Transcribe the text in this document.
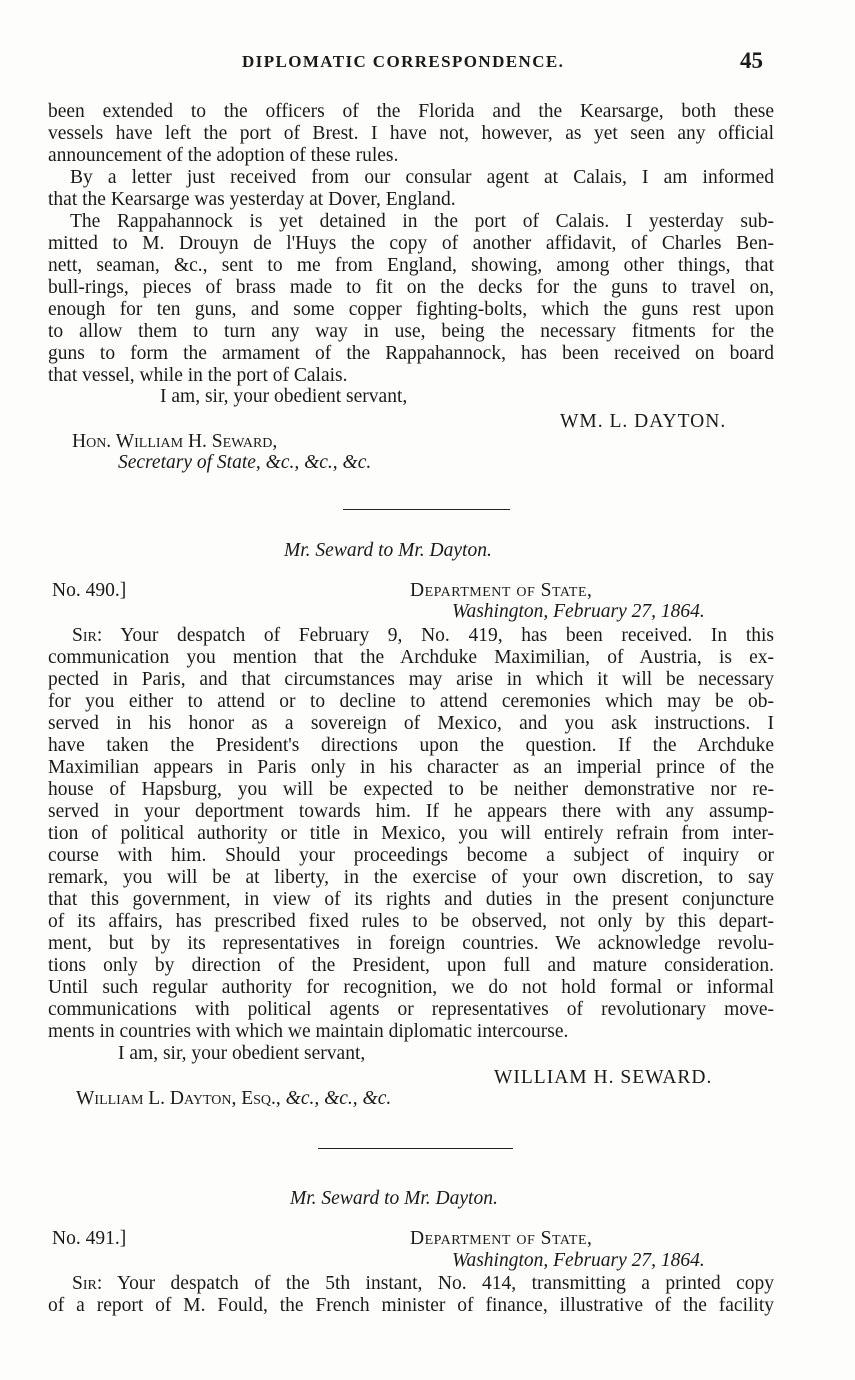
DIPLOMATIC CORRESPONDENCE.	45
been extended to the officers of the Florida and the Kearsarge, both these
vessels have left the port of Brest. I have not, however, as yet seen any official
announcement of the adoption of these rules.
By a letter just received from our consular agent at Calais, I am informed
that the Kearsarge was yesterday at Dover, England.
The Rappahannock is yet detained in the port of Calais. I yesterday sub-
mitted to M. Drouyn de l'Huys the copy of another affidavit, of Charles Ben-
nett, seaman, &c., sent to me from England, showing, among other things, that
bull-rings, pieces of brass made to fit on the decks for the guns to travel on,
enough for ten guns, and some copper fighting-bolts, which the guns rest upon
to allow them to turn any way in use, being the necessary fitments for the
guns to form the armament of the Rappahannock, has been received on board
that vessel, while in the port of Calais.
I am, sir, your obedient servant,
WM. L. DAYTON.
Hon. William H. Seward,
Secretary of State, &c., &c., &c.
Mr. Seward to Mr. Dayton.
No. 490.]	Department of State,
Washington, February 27, 1864.
Sir: Your despatch of February 9, No. 419, has been received. In this
communication you mention that the Archduke Maximilian, of Austria, is ex-
pected in Paris, and that circumstances may arise in which it will be necessary
for you either to attend or to decline to attend ceremonies which may be ob-
served in his honor as a sovereign of Mexico, and you ask instructions. I
have taken the President's directions upon the question. If the Archduke
Maximilian appears in Paris only in his character as an imperial prince of the
house of Hapsburg, you will be expected to be neither demonstrative nor re-
served in your deportment towards him. If he appears there with any assump-
tion of political authority or title in Mexico, you will entirely refrain from inter-
course with him. Should your proceedings become a subject of inquiry or
remark, you will be at liberty, in the exercise of your own discretion, to say
that this government, in view of its rights and duties in the present conjuncture
of its affairs, has prescribed fixed rules to be observed, not only by this depart-
ment, but by its representatives in foreign countries. We acknowledge revolu-
tions only by direction of the President, upon full and mature consideration.
Until such regular authority for recognition, we do not hold formal or informal
communications with political agents or representatives of revolutionary move-
ments in countries with which we maintain diplomatic intercourse.
I am, sir, your obedient servant,
WILLIAM H. SEWARD.
William L. Dayton, Esq., &c., &c., &c.
Mr. Seward to Mr. Dayton.
No. 491.]	Department of State,
Washington, February 27, 1864.
Sir: Your despatch of the 5th instant, No. 414, transmitting a printed copy
of a report of M. Fould, the French minister of finance, illustrative of the facility
